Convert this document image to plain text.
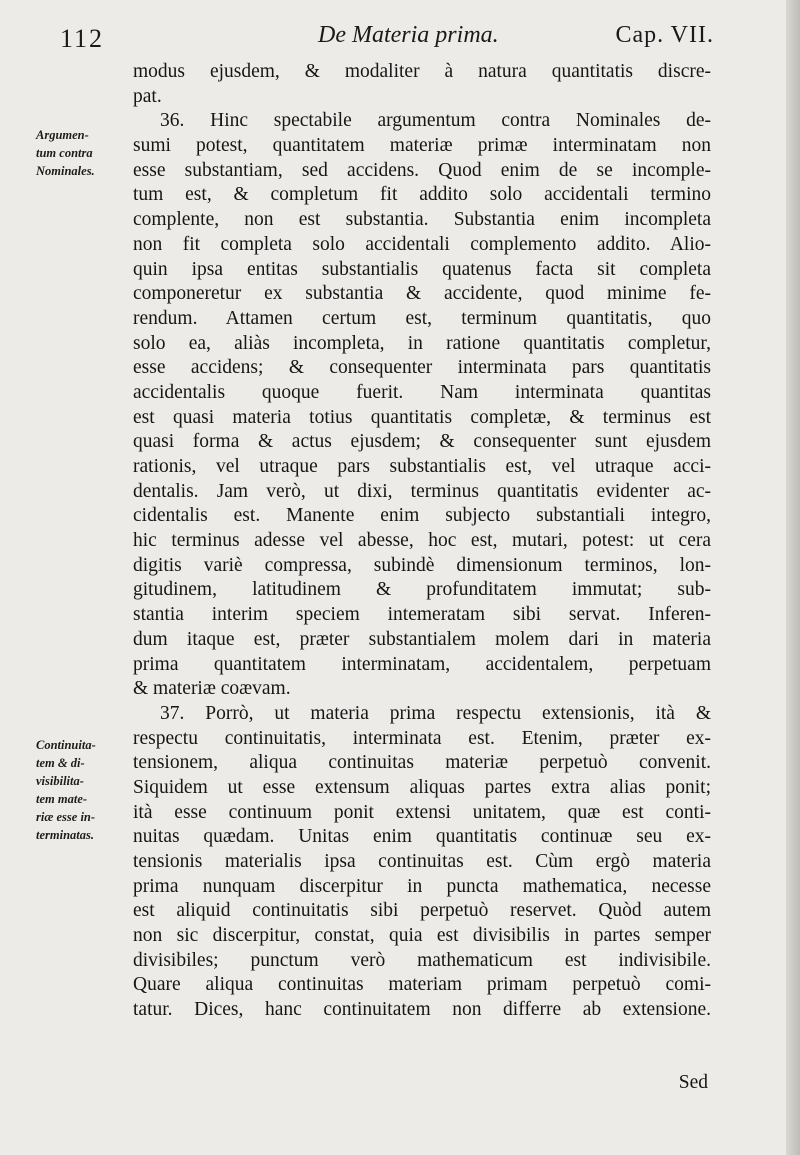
112	De Materia prima.	Cap. VII.
Argumen-
tum contra
Nominales.
Continuita-
tem & di-
visibilita-
tem mate-
riæ esse in-
terminatas.
modus ejusdem, & modaliter à natura quantitatis discre-
pat.
36. Hinc spectabile argumentum contra Nominales de-
sumi potest, quantitatem materiæ primæ interminatam non
esse substantiam, sed accidens. Quod enim de se incomple-
tum est, & completum fit addito solo accidentali termino
complente, non est substantia. Substantia enim incompleta
non fit completa solo accidentali complemento addito. Alio-
quin ipsa entitas substantialis quatenus facta sit completa
componeretur ex substantia & accidente, quod minime fe-
rendum. Attamen certum est, terminum quantitatis, quo
solo ea, aliàs incompleta, in ratione quantitatis completur,
esse accidens; & consequenter interminata pars quantitatis
accidentalis quoque fuerit. Nam interminata quantitas
est quasi materia totius quantitatis completæ, & terminus est
quasi forma & actus ejusdem; & consequenter sunt ejusdem
rationis, vel utraque pars substantialis est, vel utraque acci-
dentalis. Jam verò, ut dixi, terminus quantitatis evidenter ac-
cidentalis est. Manente enim subjecto substantiali integro,
hic terminus adesse vel abesse, hoc est, mutari, potest: ut cera
digitis variè compressa, subindè dimensionum terminos, lon-
gitudinem, latitudinem & profunditatem immutat; sub-
stantia interim speciem intemeratam sibi servat. Inferen-
dum itaque est, præter substantialem molem dari in materia
prima quantitatem interminatam, accidentalem, perpetuam
& materiæ coævam.
37. Porrò, ut materia prima respectu extensionis, ità &
respectu continuitatis, interminata est. Etenim, præter ex-
tensionem, aliqua continuitas materiæ perpetuò convenit.
Siquidem ut esse extensum aliquas partes extra alias ponit;
ità esse continuum ponit extensi unitatem, quæ est conti-
nuitas quædam. Unitas enim quantitatis continuæ seu ex-
tensionis materialis ipsa continuitas est. Cùm ergò materia
prima nunquam discerpitur in puncta mathematica, necesse
est aliquid continuitatis sibi perpetuò reservet. Quòd autem
non sic discerpitur, constat, quia est divisibilis in partes semper
divisibiles; punctum verò mathematicum est indivisibile.
Quare aliqua continuitas materiam primam perpetuò comi-
tatur. Dices, hanc continuitatem non differre ab extensione.
Sed
